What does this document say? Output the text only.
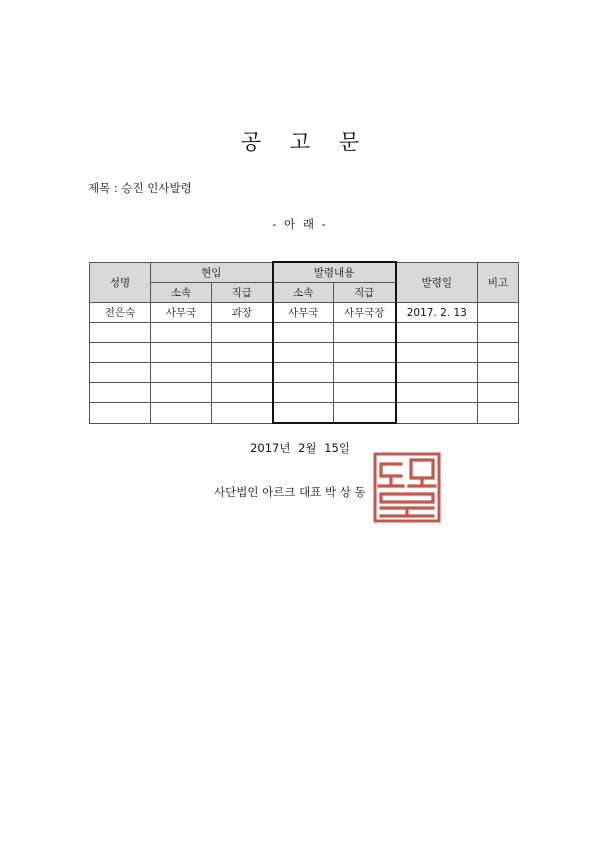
공 고 문
제목 : 승진 인사발령
- 아 래 -
성명	현임		발령내용		발령일	비고
	소속	직급	소속	직급		
전은숙	사무국	과장	사무국	사무국장	2017. 2. 13	

2017년 2월 15일
사단법인 아르크 대표 박 상 동
